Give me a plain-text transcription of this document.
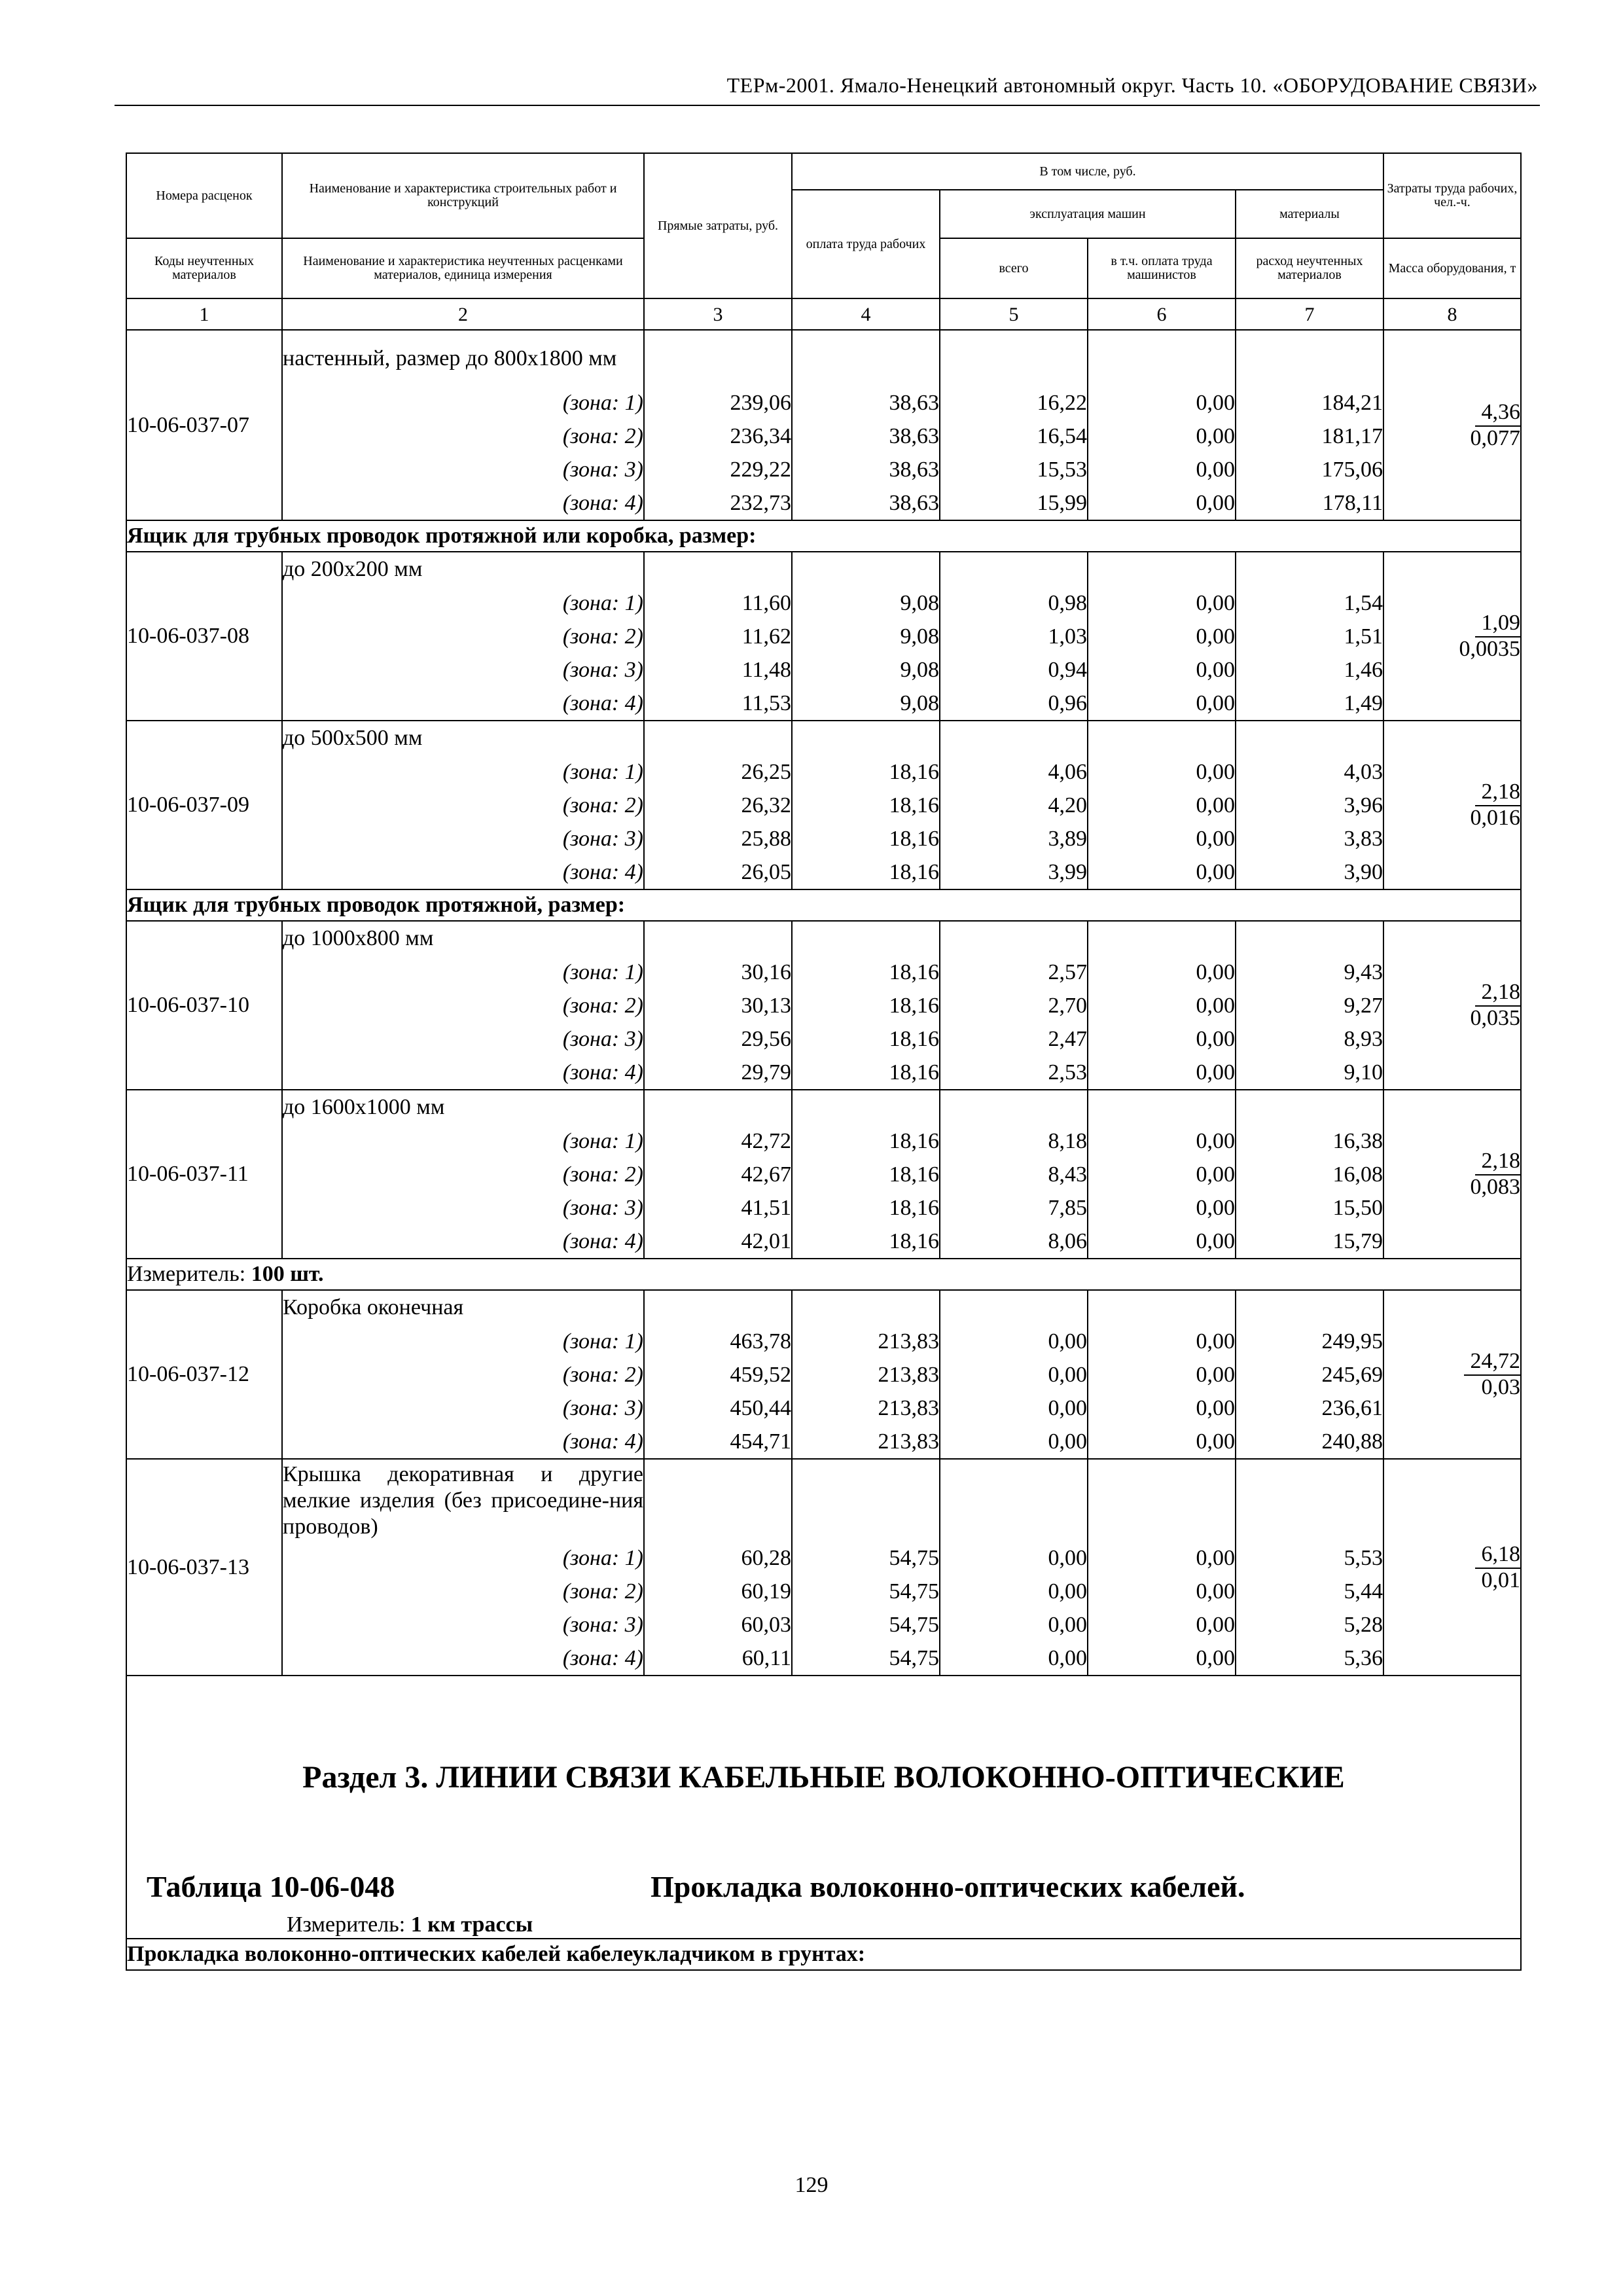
ТЕРм-2001. Ямало-Ненецкий автономный округ. Часть 10. «ОБОРУДОВАНИЕ СВЯЗИ»
Номера расценок	Наименование и характеристика строительных работ и конструкций	Прямые затраты, руб.	В том числе, руб.				Затраты труда рабочих, чел.-ч.
			оплата труда рабочих	эксплуатация машин		материалы	
Коды неучтенных материалов	Наименование и характеристика неучтенных расценками материалов, единица измерения			всего	в т.ч. оплата труда машинистов	расход неучтенных материалов	Масса оборудования, т
1	2	3	4	5	6	7	8
10-06-037-07	настенный, размер до 800х1800 мм						4,36
0,077

	(зона: 1)	239,06	38,63	16,22	0,00	184,21	
	(зона: 2)	236,34	38,63	16,54	0,00	181,17	
	(зона: 3)	229,22	38,63	15,53	0,00	175,06	
	(зона: 4)	232,73	38,63	15,99	0,00	178,11	
Ящик для трубных проводок протяжной или коробка, размер:							
10-06-037-08	до 200х200 мм						1,09
0,0035

	(зона: 1)	11,60	9,08	0,98	0,00	1,54	
	(зона: 2)	11,62	9,08	1,03	0,00	1,51	
	(зона: 3)	11,48	9,08	0,94	0,00	1,46	
	(зона: 4)	11,53	9,08	0,96	0,00	1,49	
10-06-037-09	до 500х500 мм						2,18
0,016

	(зона: 1)	26,25	18,16	4,06	0,00	4,03	
	(зона: 2)	26,32	18,16	4,20	0,00	3,96	
	(зона: 3)	25,88	18,16	3,89	0,00	3,83	
	(зона: 4)	26,05	18,16	3,99	0,00	3,90	
Ящик для трубных проводок протяжной, размер:							
10-06-037-10	до 1000х800 мм						2,18
0,035

	(зона: 1)	30,16	18,16	2,57	0,00	9,43	
	(зона: 2)	30,13	18,16	2,70	0,00	9,27	
	(зона: 3)	29,56	18,16	2,47	0,00	8,93	
	(зона: 4)	29,79	18,16	2,53	0,00	9,10	
10-06-037-11	до 1600х1000 мм						2,18
0,083

	(зона: 1)	42,72	18,16	8,18	0,00	16,38	
	(зона: 2)	42,67	18,16	8,43	0,00	16,08	
	(зона: 3)	41,51	18,16	7,85	0,00	15,50	
	(зона: 4)	42,01	18,16	8,06	0,00	15,79	
Измеритель: 100 шт.							
10-06-037-12	Коробка оконечная						24,72
0,03

	(зона: 1)	463,78	213,83	0,00	0,00	249,95	
	(зона: 2)	459,52	213,83	0,00	0,00	245,69	
	(зона: 3)	450,44	213,83	0,00	0,00	236,61	
	(зона: 4)	454,71	213,83	0,00	0,00	240,88	
10-06-037-13	Крышка декоративная и другие мелкие изделия (без присоедине-ния проводов)						6,18
0,01

	(зона: 1)	60,28	54,75	0,00	0,00	5,53	
	(зона: 2)	60,19	54,75	0,00	0,00	5,44	
	(зона: 3)	60,03	54,75	0,00	0,00	5,28	
	(зона: 4)	60,11	54,75	0,00	0,00	5,36	

Раздел 3. ЛИНИИ СВЯЗИ КАБЕЛЬНЫЕ ВОЛОКОННО-ОПТИЧЕСКИЕ
Таблица 10-06-048 Прокладка волоконно-оптических кабелей.
Измеритель: 1 км трассы							

Прокладка волоконно-оптических кабелей кабелеукладчиком в грунтах:							
129
